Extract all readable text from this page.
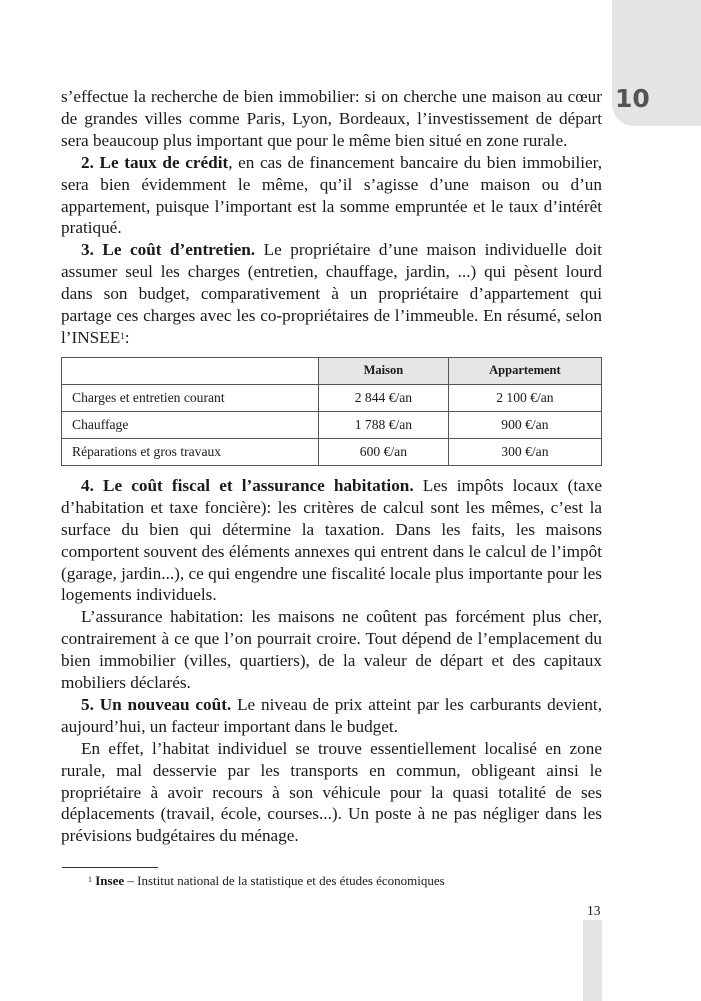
10

s’effectue la recherche de bien immobilier: si on cherche une maison au cœur de grandes villes comme Paris, Lyon, Bordeaux, l’investissement de départ sera beaucoup plus important que pour le même bien situé en zone rurale.

2. Le taux de crédit, en cas de financement bancaire du bien immobilier, sera bien évidemment le même, qu’il s’agisse d’une maison ou d’un appartement, puisque l’important est la somme empruntée et le taux d’intérêt pratiqué.

3. Le coût d’entretien. Le propriétaire d’une maison individuelle doit assumer seul les charges (entretien, chauffage, jardin, ...) qui pèsent lourd dans son budget, comparativement à un propriétaire d’appartement qui partage ces charges avec les co-propriétaires de l’immeuble. En résumé, selon l’INSEE$^1$:

	Maison	Appartement
Charges et entretien courant	2 844 €/an	2 100 €/an
Chauffage	1 788 €/an	900 €/an
Réparations et gros travaux	600 €/an	300 €/an

4. Le coût fiscal et l’assurance habitation. Les impôts locaux (taxe d’habitation et taxe foncière): les critères de calcul sont les mêmes, c’est la surface du bien qui détermine la taxation. Dans les faits, les maisons comportent souvent des éléments annexes qui entrent dans le calcul de l’impôt (garage, jardin...), ce qui engendre une fiscalité locale plus importante pour les logements individuels.

L’assurance habitation: les maisons ne coûtent pas forcément plus cher, contrairement à ce que l’on pourrait croire. Tout dépend de l’emplacement du bien immobilier (villes, quartiers), de la valeur de départ et des capitaux mobiliers déclarés.

5. Un nouveau coût. Le niveau de prix atteint par les carburants devient, aujourd’hui, un facteur important dans le budget.

En effet, l’habitat individuel se trouve essentiellement localisé en zone rurale, mal desservie par les transports en commun, obligeant ainsi le propriétaire à avoir recours à son véhicule pour la quasi totalité de ses déplacements (travail, école, courses...). Un poste à ne pas négliger dans les prévisions budgétaires du ménage.

$^1$ Insee – Institut national de la statistique et des études économiques
13
